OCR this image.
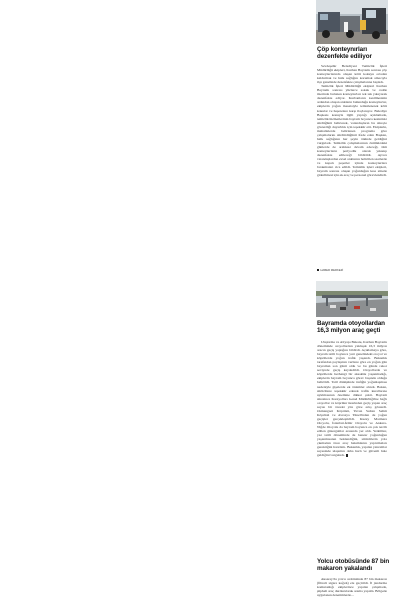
Çöp konteynırları dezenfekte ediliyor

Sevdeşehir Belediyesi Temizlik İşleri Müdürlüğü ekipleri, Kurban Bayramı sonrası çöp konteynırlarında oluşan kötü kokuyu ortadan kaldırmak ve halk sağlığını korumak amacıyla ilçe genelinde dezenfekte çalışmalarına başladı.

Temizlik İşleri Müdürlüğü ekipleri Kurban Bayramı sonrası yüzlerce sokak ve cadde üzerinde bulunan konteynırları tek tek yıkayarak dezenfekte ediyor. Kurbanların kesilmesinin ardından oluşan atıkların bulunduğu konteynırlar, ekiplerin yoğun mesaisiyle temizlenerek kötü kokular ve haşerelere karşı ilaçlanıyor. Belediye Başkanı konuyla ilgili yaptığı açıklamada, temizlik hizmetlerinin bayram boyunca kesintisiz sürdüğünü belirterek, vatandaşların bu süreçte gösterdiği duyarlılık için teşekkür etti. Ekiplerin, mahallelerde belirlenen programa göre çalışmalarını sürdürdüğünü ifade eden Başkan, halk sağlığının her şeyin önünde geldiğini vurguladı. Temizlik çalışmalarının önümüzdeki günlerde de aralıksız devam edeceği, tüm konteynırların periyodik olarak yıkanıp dezenfekte edileceği bildirildi. Ayrıca vatandaşlardan evsel atıklarını belirtilen saatlerde ve kapalı poşetler içinde konteynırlara bırakmaları rica edildi. Temizlik işleri ekipleri, bayram sonrası oluşan yoğunluğun kısa sürede giderilmesi için ek araç ve personel görevlendirdi.

HABER MERKEZİ
Bayramda otoyollardan 16,3 milyon araç geçti

Ulaştırma ve Altyapı Bakanı, Kurban Bayramı döneminde otoyollardan yaklaşık 16,3 milyon aracın geçiş yaptığını bildirdi. Açıklamaya göre, bayram tatili boyunca yurt genelindeki otoyol ve köprülerde yoğun trafik yaşandı. Bakanlık tarafından paylaşılan verilere göre en yoğun gün bayramın son günü oldu ve bu günde rekor seviyede geçiş kaydedildi. Otoyollarda ve köprülerde herhangi bir aksaklık yaşanmadığı, ekiplerin bayram boyunca görev başında olduğu belirtildi. Tatil dönüşünde trafiğin yoğunlaşması nedeniyle gişelerde ek önlemler alındı. Bakan, sürücülere teşekkür ederek trafik kurallarına uyulmasının önemine dikkat çekti. Bayram süresince Karayolları Genel Müdürlüğü'ne bağlı otoyollar ve köprüler üzerinden geçiş yapan araç sayısı bir önceki yıla göre artış gösterdi. Osmangazi Köprüsü, Yavuz Sultan Selim Köprüsü ve Avrasya Tüneli'nden de yoğun geçişler gerçekleştirildi. Kuzey Marmara Otoyolu, İstanbul-İzmir Otoyolu ve Ankara-Niğde Otoyolu da bayram boyunca en çok tercih edilen güzergahlar arasında yer aldı. Yetkililer, yaz tatili döneminde de benzer yoğunluğun yaşanmasının beklendiğini, sürücülerin yola çıkmadan önce araç bakımlarını yaptırmaları gerektiğini hatırlattı. Bakanlık, yapılan yatırımlar sayesinde ulaşımın daha hızlı ve güvenli hale geldiğini vurguladı.

Yolcu otobüsünde 87 bin makaron yakalandı

Aksaray'da yolcu otobüsünde 87 bin makaron (filtreli sigara kağıdı) ele geçirildi. İl jandarma komutanlığı ekiplerince yapılan çalışmada, şüpheli araç durdurularak arama yapıldı. Bölgede uygulanan denetimlerde...
